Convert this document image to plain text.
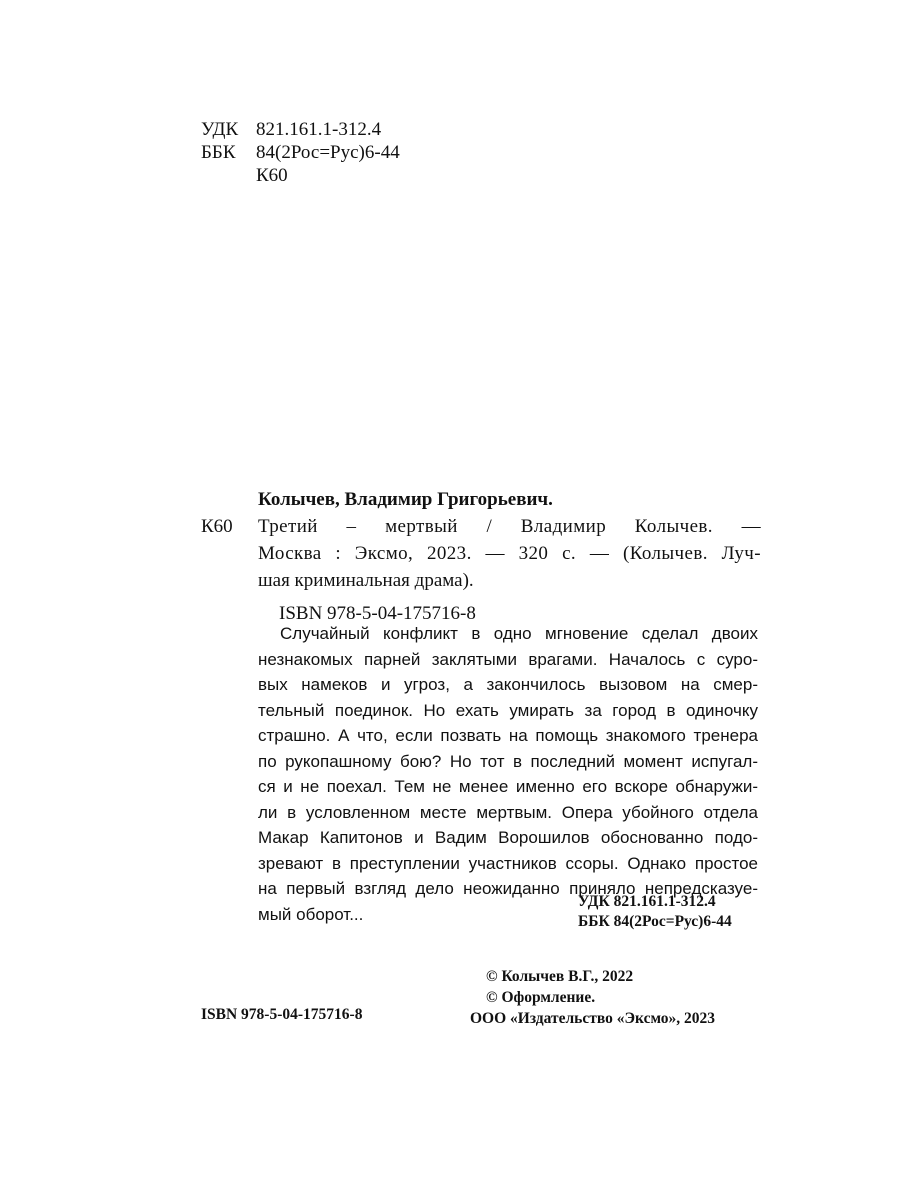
УДК 821.161.1-312.4
ББК	84(2Рос=Рус)6-44
К60
Колычев, Владимир Григорьевич.
К60 Третий – мертвый / Владимир Колычев. —
Москва : Эксмо, 2023. — 320 с. — (Колычев. Луч-
шая криминальная драма).
ISBN 978-5-04-175716-8
Случайный конфликт в одно мгновение сделал двоих
незнакомых парней заклятыми врагами. Началось с суро-
вых намеков и угроз, а закончилось вызовом на смер-
тельный поединок. Но ехать умирать за город в одиночку
страшно. А что, если позвать на помощь знакомого тренера
по рукопашному бою? Но тот в последний момент испугал-
ся и не поехал. Тем не менее именно его вскоре обнаружи-
ли в условленном месте мертвым. Опера убойного отдела
Макар Капитонов и Вадим Ворошилов обоснованно подо-
зревают в преступлении участников ссоры. Однако простое
на первый взгляд дело неожиданно приняло непредсказуе-
мый оборот...
УДК 821.161.1-312.4
ББК 84(2Рос=Рус)6-44
© Колычев В.Г., 2022
© Оформление.
ООО «Издательство «Эксмо», 2023
ISBN 978-5-04-175716-8
